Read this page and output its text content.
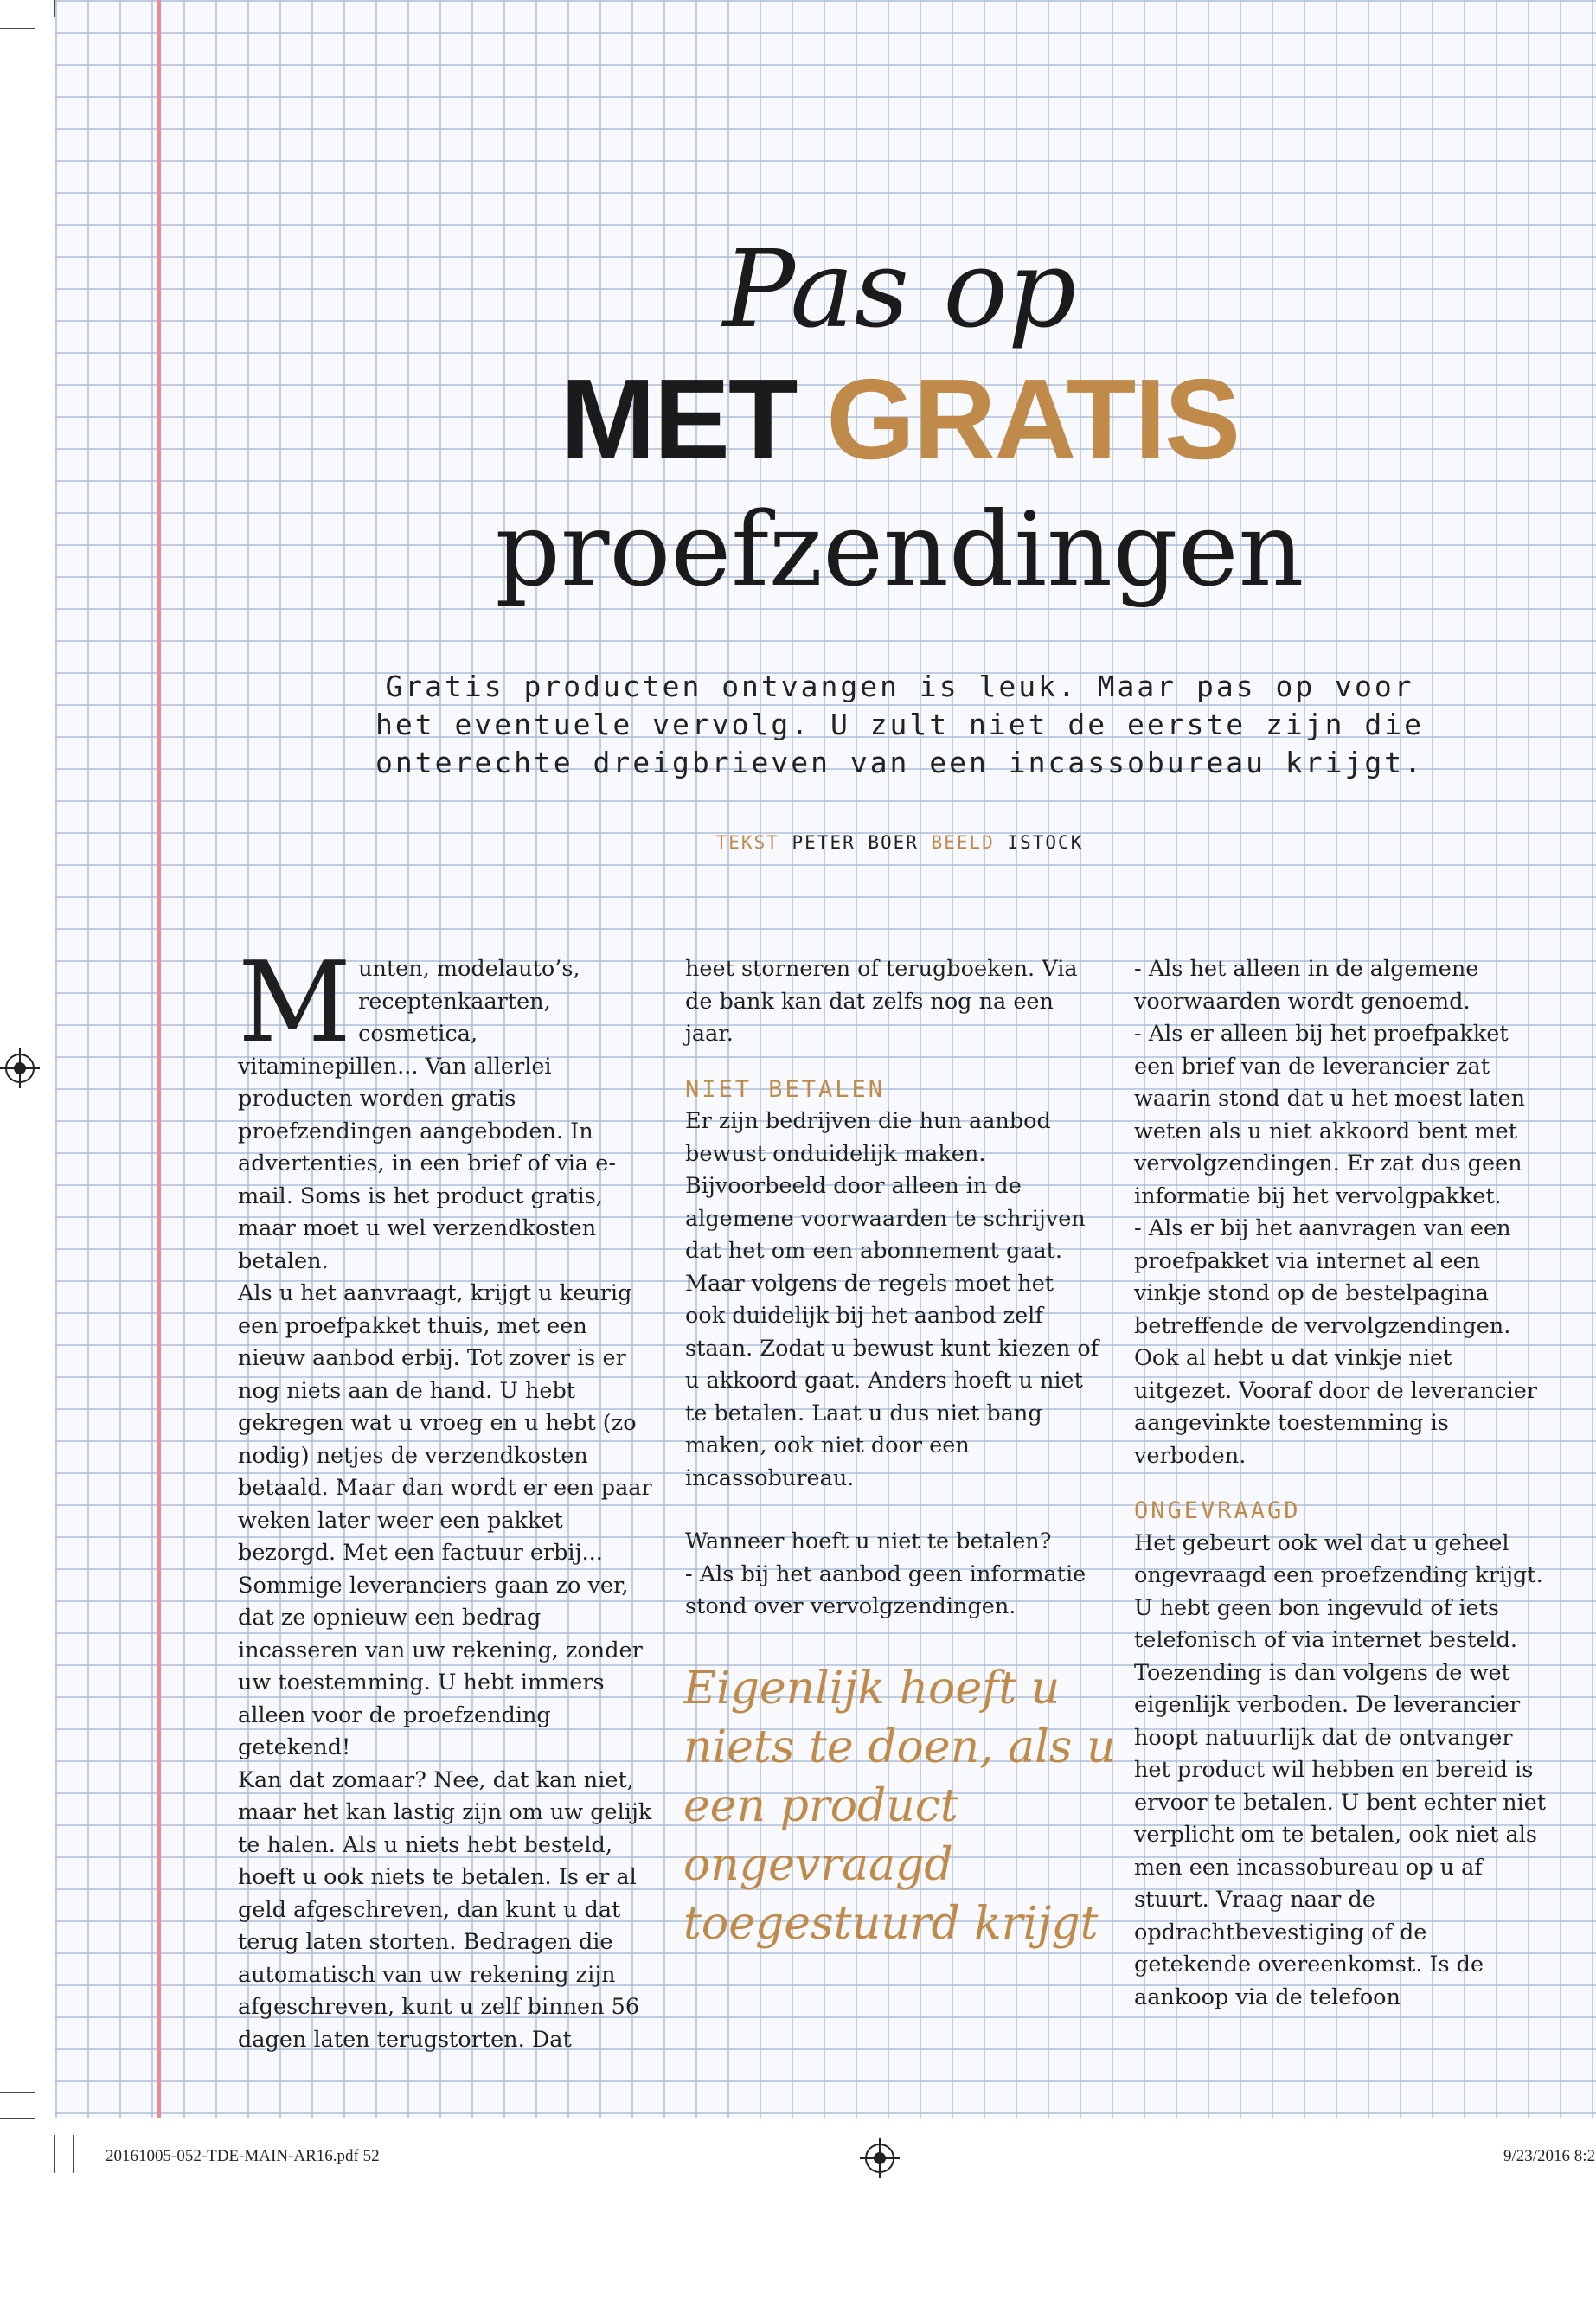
Pas op
MET GRATIS
proefzendingen
Gratis producten ontvangen is leuk. Maar pas op voor het eventuele vervolg. U zult niet de eerste zijn die onterechte dreigbrieven van een incassobureau krijgt.
TEKST PETER BOER BEELD ISTOCK

Munten, modelauto’s, receptenkaarten, cosmetica, vitaminepillen... Van allerlei producten worden gratis proefzendingen aangeboden. In advertenties, in een brief of via e-mail. Soms is het product gratis, maar moet u wel verzendkosten betalen.

Als u het aanvraagt, krijgt u keurig een proefpakket thuis, met een nieuw aanbod erbij. Tot zover is er nog niets aan de hand. U hebt gekregen wat u vroeg en u hebt (zo nodig) netjes de verzendkosten betaald. Maar dan wordt er een paar weken later weer een pakket bezorgd. Met een factuur erbij...

Sommige leveranciers gaan zo ver, dat ze opnieuw een bedrag incasseren van uw rekening, zonder uw toestemming. U hebt immers alleen voor de proefzending getekend!

Kan dat zomaar? Nee, dat kan niet, maar het kan lastig zijn om uw gelijk te halen. Als u niets hebt besteld, hoeft u ook niets te betalen. Is er al geld afgeschreven, dan kunt u dat terug laten storten. Bedragen die automatisch van uw rekening zijn afgeschreven, kunt u zelf binnen 56 dagen laten terugstorten. Dat

heet storneren of terugboeken. Via de bank kan dat zelfs nog na een jaar.

NIET BETALEN

Er zijn bedrijven die hun aanbod bewust onduidelijk maken. Bijvoorbeeld door alleen in de algemene voorwaarden te schrijven dat het om een abonnement gaat. Maar volgens de regels moet het ook duidelijk bij het aanbod zelf staan. Zodat u bewust kunt kiezen of u akkoord gaat. Anders hoeft u niet te betalen. Laat u dus niet bang maken, ook niet door een incassobureau.

Wanneer hoeft u niet te betalen?

- Als bij het aanbod geen informatie stond over vervolgzendingen.

Eigenlijk hoeft u niets te doen, als u een product ongevraagd toegestuurd krijgt

- Als het alleen in de algemene voorwaarden wordt genoemd.

- Als er alleen bij het proefpakket een brief van de leverancier zat waarin stond dat u het moest laten weten als u niet akkoord bent met vervolgzendingen. Er zat dus geen informatie bij het vervolgpakket.

- Als er bij het aanvragen van een proefpakket via internet al een vinkje stond op de bestelpagina betreffende de vervolgzendingen. Ook al hebt u dat vinkje niet uitgezet. Vooraf door de leverancier aangevinkte toestemming is verboden.

ONGEVRAAGD

Het gebeurt ook wel dat u geheel ongevraagd een proefzending krijgt. U hebt geen bon ingevuld of iets telefonisch of via internet besteld. Toezending is dan volgens de wet eigenlijk verboden. De leverancier hoopt natuurlijk dat de ontvanger het product wil hebben en bereid is ervoor te betalen. U bent echter niet verplicht om te betalen, ook niet als men een incassobureau op u af stuurt. Vraag naar de opdrachtbevestiging of de getekende overeenkomst. Is de aankoop via de telefoon

20161005-052-TDE-MAIN-AR16.pdf 52	9/23/2016 8:2
